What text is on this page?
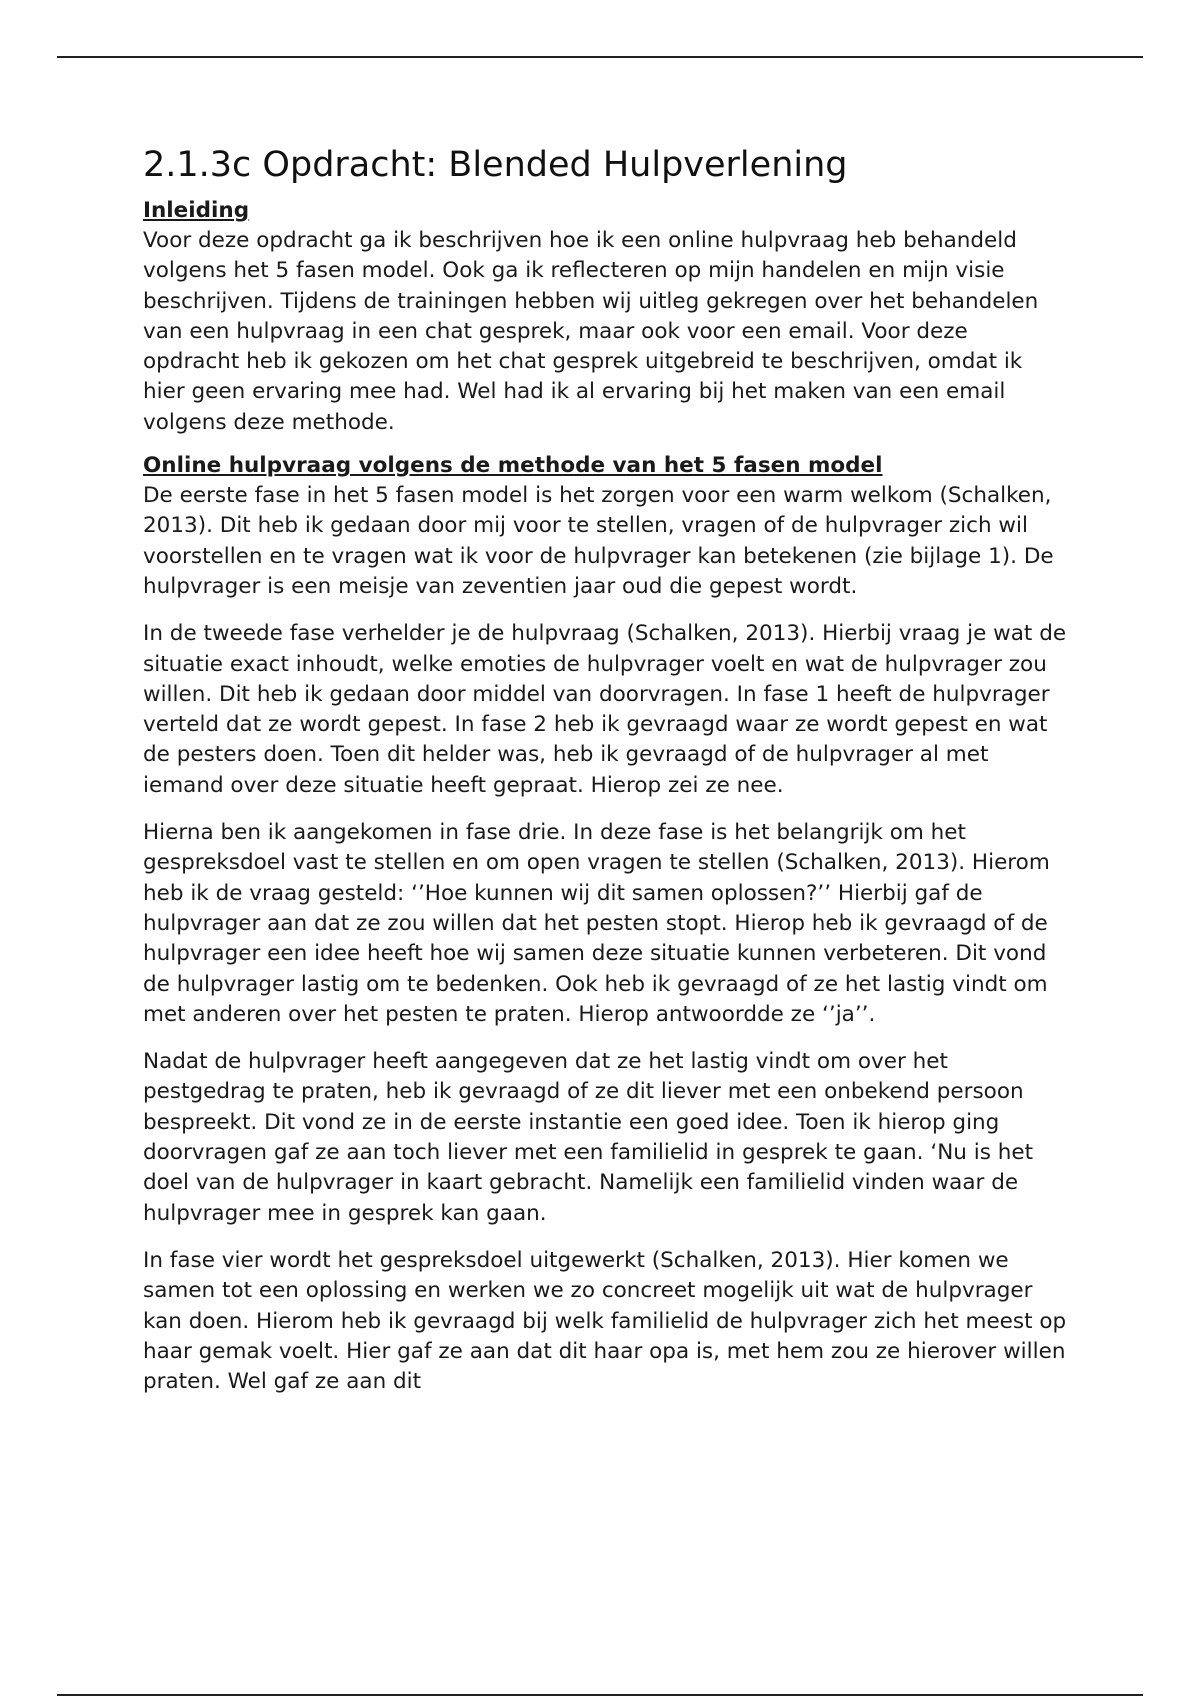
2.1.3c Opdracht: Blended Hulpverlening
Inleiding

Voor deze opdracht ga ik beschrijven hoe ik een online hulpvraag heb behandeld volgens het 5 fasen model. Ook ga ik reflecteren op mijn handelen en mijn visie beschrijven. Tijdens de trainingen hebben wij uitleg gekregen over het behandelen van een hulpvraag in een chat gesprek, maar ook voor een email. Voor deze opdracht heb ik gekozen om het chat gesprek uitgebreid te beschrijven, omdat ik hier geen ervaring mee had. Wel had ik al ervaring bij het maken van een email volgens deze methode.

Online hulpvraag volgens de methode van het 5 fasen model

De eerste fase in het 5 fasen model is het zorgen voor een warm welkom (Schalken, 2013). Dit heb ik gedaan door mij voor te stellen, vragen of de hulpvrager zich wil voorstellen en te vragen wat ik voor de hulpvrager kan betekenen (zie bijlage 1). De hulpvrager is een meisje van zeventien jaar oud die gepest wordt.

In de tweede fase verhelder je de hulpvraag (Schalken, 2013). Hierbij vraag je wat de situatie exact inhoudt, welke emoties de hulpvrager voelt en wat de hulpvrager zou willen. Dit heb ik gedaan door middel van doorvragen. In fase 1 heeft de hulpvrager verteld dat ze wordt gepest. In fase 2 heb ik gevraagd waar ze wordt gepest en wat de pesters doen. Toen dit helder was, heb ik gevraagd of de hulpvrager al met iemand over deze situatie heeft gepraat. Hierop zei ze nee.

Hierna ben ik aangekomen in fase drie. In deze fase is het belangrijk om het gespreksdoel vast te stellen en om open vragen te stellen (Schalken, 2013). Hierom heb ik de vraag gesteld: ‘’Hoe kunnen wij dit samen oplossen?’’ Hierbij gaf de hulpvrager aan dat ze zou willen dat het pesten stopt. Hierop heb ik gevraagd of de hulpvrager een idee heeft hoe wij samen deze situatie kunnen verbeteren. Dit vond de hulpvrager lastig om te bedenken. Ook heb ik gevraagd of ze het lastig vindt om met anderen over het pesten te praten. Hierop antwoordde ze ‘’ja’’.

Nadat de hulpvrager heeft aangegeven dat ze het lastig vindt om over het pestgedrag te praten, heb ik gevraagd of ze dit liever met een onbekend persoon bespreekt. Dit vond ze in de eerste instantie een goed idee. Toen ik hierop ging doorvragen gaf ze aan toch liever met een familielid in gesprek te gaan. ‘Nu is het doel van de hulpvrager in kaart gebracht. Namelijk een familielid vinden waar de hulpvrager mee in gesprek kan gaan.

In fase vier wordt het gespreksdoel uitgewerkt (Schalken, 2013). Hier komen we samen tot een oplossing en werken we zo concreet mogelijk uit wat de hulpvrager kan doen. Hierom heb ik gevraagd bij welk familielid de hulpvrager zich het meest op haar gemak voelt. Hier gaf ze aan dat dit haar opa is, met hem zou ze hierover willen praten. Wel gaf ze aan dit
